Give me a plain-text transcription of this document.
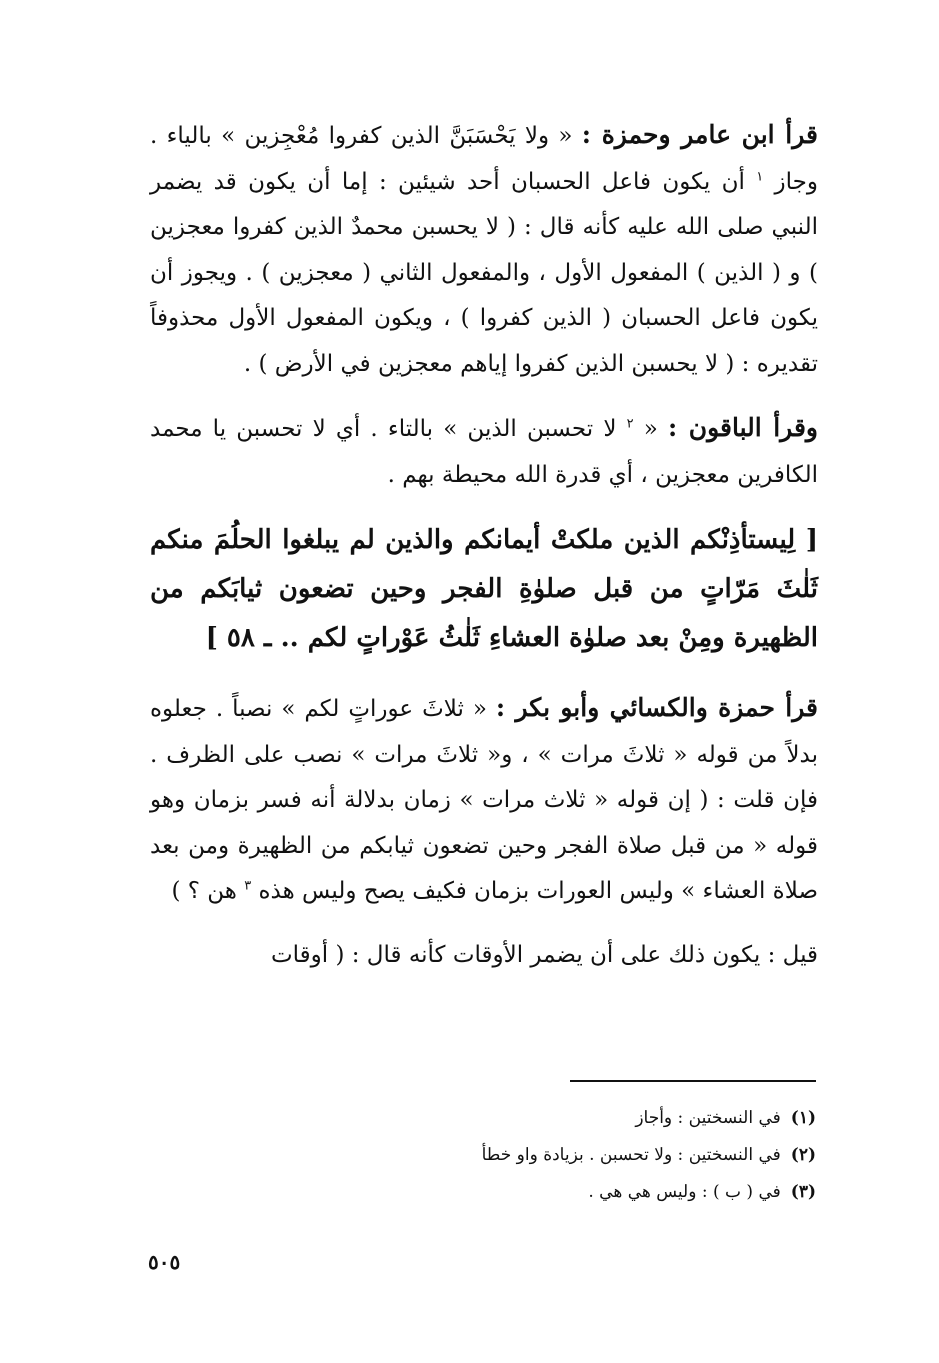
قرأ ابن عامر وحمزة : « ولا يَحْسَبَنَّ الذين كفروا مُعْجِزين » بالياء . وجاز $^١$ أن يكون فاعل الحسبان أحد شيئين : إما أن يكون قد يضمر النبي صلى الله عليه كأنه قال : ( لا يحسبن محمدٌ الذين كفروا معجزين ) و ( الذين ) المفعول الأول ، والمفعول الثاني ( معجزين ) . ويجوز أن يكون فاعل الحسبان ( الذين كفروا ) ، ويكون المفعول الأول محذوفاً تقديره : ( لا يحسبن الذين كفروا إياهم معجزين في الأرض ) .

وقرأ الباقون : « $^٢$ لا تحسبن الذين » بالتاء . أي لا تحسبن يا محمد الكافرين معجزين ، أي قدرة الله محيطة بهم .

[ لِيستأذِنْكم الذين ملكتْ أيمانكم والذين لم يبلغوا الحلُمَ منكم ثَلٰثَ مَرّاتٍ من قبل صلوٰةِ الفجر وحين تضعون ثيابَكم من الظهيرة ومِنْ بعد صلوٰة العشاءِ ثَلٰثُ عَوْراتٍ لكم .. ـ ٥٨ ]

قرأ حمزة والكسائي وأبو بكر : « ثلاثَ عوراتٍ لكم » نصباً . جعلوه بدلاً من قوله « ثلاثَ مرات » ، و« ثلاثَ مرات » نصب على الظرف . فإن قلت : ( إن قوله « ثلاث مرات » زمان بدلالة أنه فسر بزمان وهو قوله « من قبل صلاة الفجر وحين تضعون ثيابكم من الظهيرة ومن بعد صلاة العشاء » وليس العورات بزمان فكيف يصح وليس هذه $^٣$ هن ؟ )

قيل : يكون ذلك على أن يضمر الأوقات كأنه قال : ( أوقات

(١)في النسختين : وأجاز
(٢)في النسختين : ولا تحسبن . بزيادة واو خطأ
(٣)في ( ب ) : وليس هي هي .
٥٠٥
